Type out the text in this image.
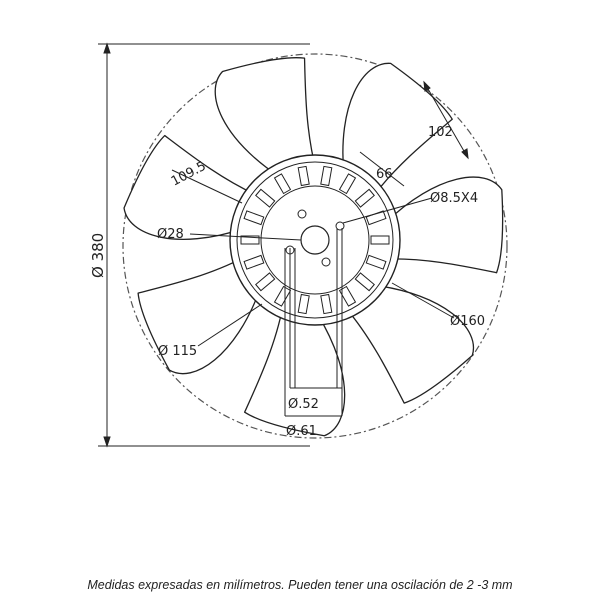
Ø 380
102
109.5	66
Ø8.5X4
Ø28
Ø160
Ø 115
Ø.52
Ø.61
Medidas expresadas en milímetros. Pueden tener una oscilación de 2 -3 mm
